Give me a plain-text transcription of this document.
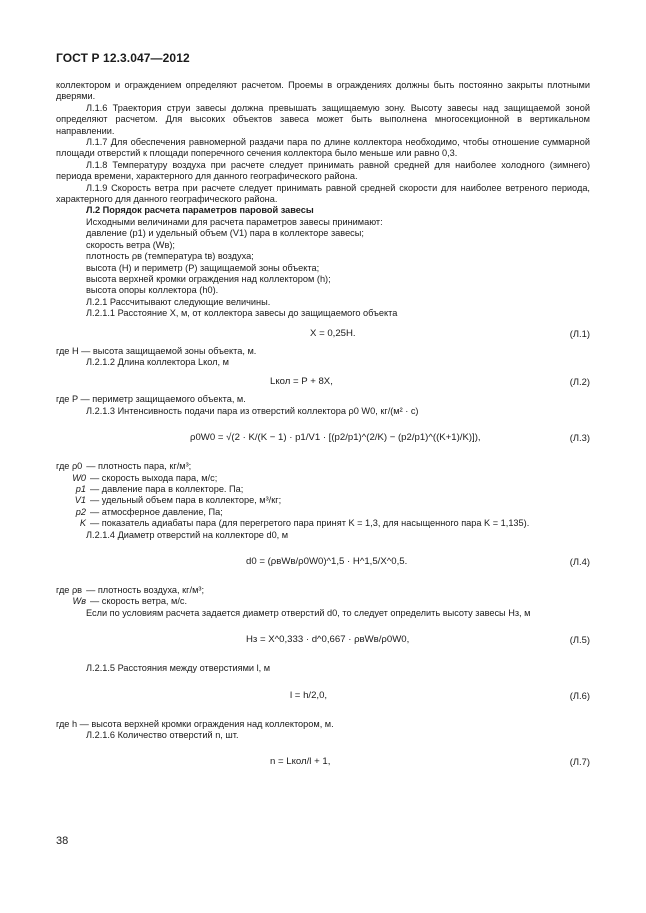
ГОСТ Р 12.3.047—2012

коллектором и ограждением определяют расчетом. Проемы в ограждениях должны быть постоянно закрыты плотными дверями.

Л.1.6 Траектория струи завесы должна превышать защищаемую зону. Высоту завесы над защищаемой зоной определяют расчетом. Для высоких объектов завеса может быть выполнена многосекционной в вертикальном направлении.

Л.1.7 Для обеспечения равномерной раздачи пара по длине коллектора необходимо, чтобы отношение суммарной площади отверстий к площади поперечного сечения коллектора было меньше или равно 0,3.

Л.1.8 Температуру воздуха при расчете следует принимать равной средней для наиболее холодного (зимнего) периода времени, характерного для данного географического района.

Л.1.9 Скорость ветра при расчете следует принимать равной средней скорости для наиболее ветреного периода, характерного для данного географического района.

Л.2 Порядок расчета параметров паровой завесы

Исходными величинами для расчета параметров завесы принимают:

давление (p1) и удельный объем (V1) пара в коллекторе завесы;

скорость ветра (Wв);

плотность ρв (температура tв) воздуха;

высота (H) и периметр (P) защищаемой зоны объекта;

высота верхней кромки ограждения над коллектором (h);

высота опоры коллектора (h0).

Л.2.1 Рассчитывают следующие величины.

Л.2.1.1 Расстояние X, м, от коллектора завесы до защищаемого объекта

X = 0,25H.	(Л.1)

где H — высота защищаемой зоны объекта, м.

Л.2.1.2 Длина коллектора Lкол, м

Lкол = P + 8X,	(Л.2)

где P — периметр защищаемого объекта, м.

Л.2.1.3 Интенсивность подачи пара из отверстий коллектора ρ0 W0, кг/(м² · с)

ρ0W0 = √(2 · K/(K − 1) · p1/V1 · [(p2/p1)^(2/K) − (p2/p1)^((K+1)/K)]),	(Л.3)
где ρ0 — плотность пара, кг/м³;
W0 — скорость выхода пара, м/с;
p1 — давление пара в коллекторе. Па;
V1 — удельный объем пара в коллекторе, м³/кг;
p2 — атмосферное давление, Па;
K — показатель адиабаты пара (для перегретого пара принят K = 1,3, для насыщенного пара K = 1,135).

Л.2.1.4 Диаметр отверстий на коллекторе d0, м

d0 = (ρвWв/ρ0W0)^1,5 · H^1,5/X^0,5.	(Л.4)
где ρв — плотность воздуха, кг/м³;
Wв — скорость ветра, м/с.

Если по условиям расчета задается диаметр отверстий d0, то следует определить высоту завесы Hз, м

Hз = X^0,333 · d^0,667 · ρвWв/ρ0W0,	(Л.5)

Л.2.1.5 Расстояния между отверстиями l, м

l = h/2,0,	(Л.6)

где h — высота верхней кромки ограждения над коллектором, м.

Л.2.1.6 Количество отверстий n, шт.

n = Lкол/l + 1,	(Л.7)
38
